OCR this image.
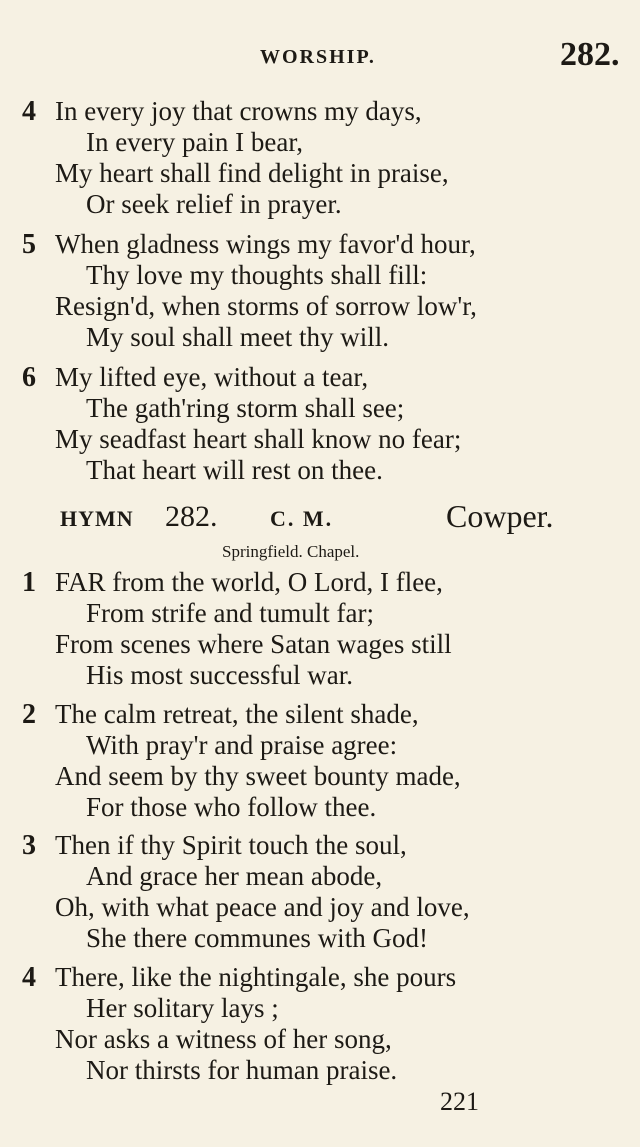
WORSHIP.	282.
4 In every joy that crowns my days,
In every pain I bear,
My heart shall find delight in praise,
Or seek relief in prayer.
5 When gladness wings my favor'd hour,
Thy love my thoughts shall fill:
Resign'd, when storms of sorrow low'r,
My soul shall meet thy will.
6 My lifted eye, without a tear,
The gath'ring storm shall see;
My seadfast heart shall know no fear;
That heart will rest on thee.
HYMN 282. C. M.	Cowper.
Springfield. Chapel.
1 FAR from the world, O Lord, I flee,
From strife and tumult far;
From scenes where Satan wages still
His most successful war.
2 The calm retreat, the silent shade,
With pray'r and praise agree:
And seem by thy sweet bounty made,
For those who follow thee.
3 Then if thy Spirit touch the soul,
And grace her mean abode,
Oh, with what peace and joy and love,
She there communes with God!
4 There, like the nightingale, she pours
Her solitary lays ;
Nor asks a witness of her song,
Nor thirsts for human praise.
221
